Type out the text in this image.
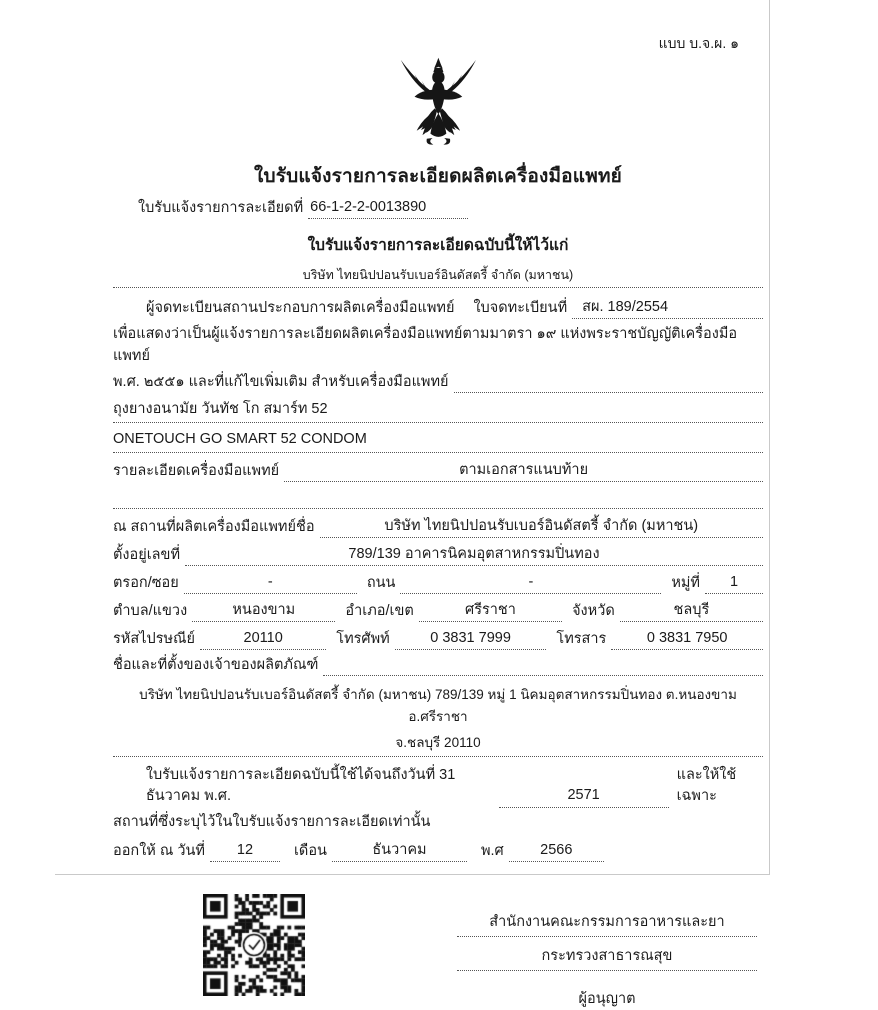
แบบ บ.จ.ผ. ๑
ใบรับแจ้งรายการละเอียดผลิตเครื่องมือแพทย์
ใบรับแจ้งรายการละเอียดที่ 66-1-2-2-0013890
ใบรับแจ้งรายการละเอียดฉบับนี้ให้ไว้แก่
บริษัท ไทยนิปปอนรับเบอร์อินดัสตรี้ จำกัด (มหาชน)
ผู้จดทะเบียนสถานประกอบการผลิตเครื่องมือแพทย์	ใบจดทะเบียนที่	สผ. 189/2554
เพื่อแสดงว่าเป็นผู้แจ้งรายการละเอียดผลิตเครื่องมือแพทย์ตามมาตรา ๑๙ แห่งพระราชบัญญัติเครื่องมือแพทย์
พ.ศ. ๒๕๕๑ และที่แก้ไขเพิ่มเติม สำหรับเครื่องมือแพทย์
ถุงยางอนามัย วันทัช โก สมาร์ท 52
ONETOUCH GO SMART 52 CONDOM
รายละเอียดเครื่องมือแพทย์	ตามเอกสารแนบท้าย
ณ สถานที่ผลิตเครื่องมือแพทย์ชื่อ	บริษัท ไทยนิปปอนรับเบอร์อินดัสตรี้ จำกัด (มหาชน)
ตั้งอยู่เลขที่	789/139 อาคารนิคมอุตสาหกรรมปิ่นทอง
ตรอก/ซอย	-	ถนน	-	หมู่ที่	1
ตำบล/แขวง	หนองขาม	อำเภอ/เขต	ศรีราชา	จังหวัด	ชลบุรี
รหัสไปรษณีย์	20110	โทรศัพท์	0 3831 7999	โทรสาร	0 3831 7950
ชื่อและที่ตั้งของเจ้าของผลิตภัณฑ์
บริษัท ไทยนิปปอนรับเบอร์อินดัสตรี้ จำกัด (มหาชน) 789/139 หมู่ 1 นิคมอุตสาหกรรมปิ่นทอง ต.หนองขาม อ.ศรีราชา
จ.ชลบุรี 20110
ใบรับแจ้งรายการละเอียดฉบับนี้ใช้ได้จนถึงวันที่ 31 ธันวาคม พ.ศ.	2571
และให้ใช้เฉพาะ
สถานที่ซึ่งระบุไว้ในใบรับแจ้งรายการละเอียดเท่านั้น
ออกให้ ณ วันที่	12	เดือน	ธันวาคม	พ.ศ	2566
สำนักงานคณะกรรมการอาหารและยา
กระทรวงสาธารณสุข
ผู้อนุญาต
